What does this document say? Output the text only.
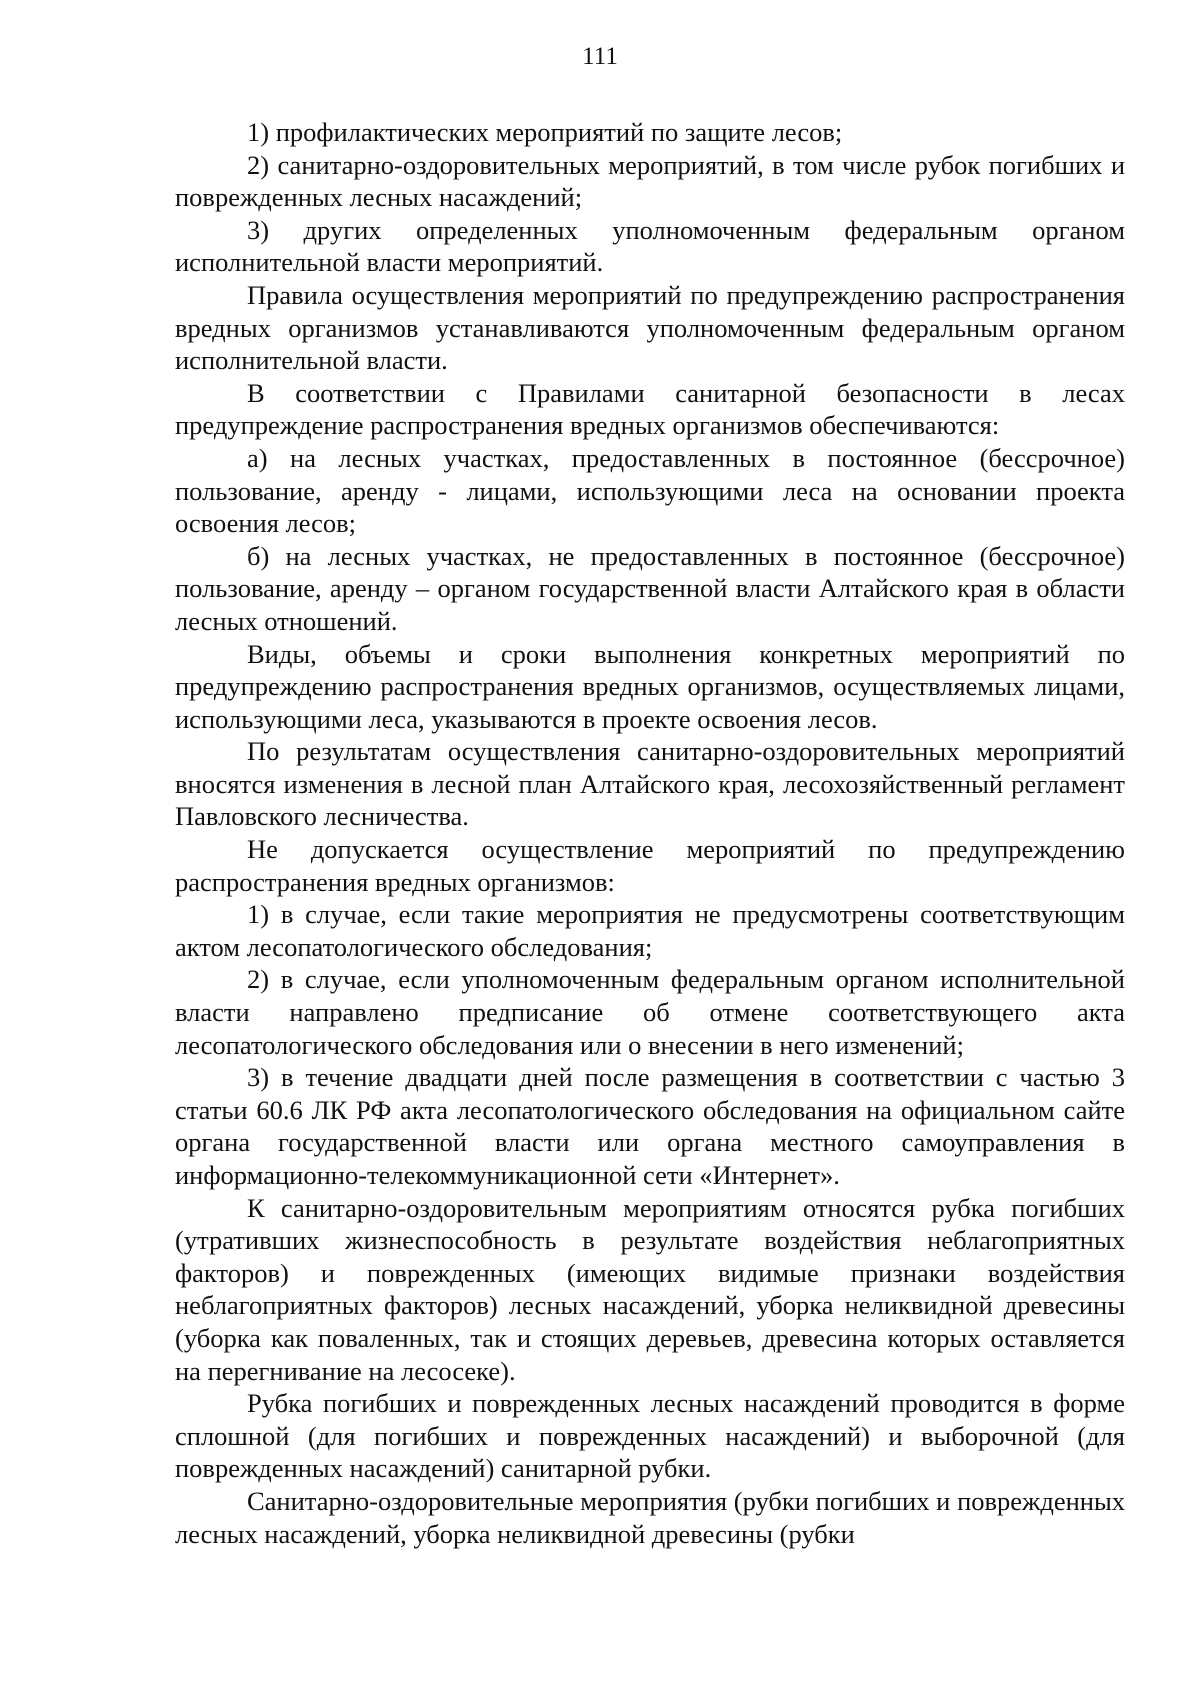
111

1) профилактических мероприятий по защите лесов;

2) санитарно-оздоровительных мероприятий, в том числе рубок погибших и поврежденных лесных насаждений;

3) других определенных уполномоченным федеральным органом исполнительной власти мероприятий.

Правила осуществления мероприятий по предупреждению распространения вредных организмов устанавливаются уполномоченным федеральным органом исполнительной власти.

В соответствии с Правилами санитарной безопасности в лесах предупреждение распространения вредных организмов обеспечиваются:

а) на лесных участках, предоставленных в постоянное (бессрочное) пользование, аренду - лицами, использующими леса на основании проекта освоения лесов;

б) на лесных участках, не предоставленных в постоянное (бессрочное) пользование, аренду – органом государственной власти Алтайского края в области лесных отношений.

Виды, объемы и сроки выполнения конкретных мероприятий по предупреждению распространения вредных организмов, осуществляемых лицами, использующими леса, указываются в проекте освоения лесов.

По результатам осуществления санитарно-оздоровительных мероприятий вносятся изменения в лесной план Алтайского края, лесохозяйственный регламент Павловского лесничества.

Не допускается осуществление мероприятий по предупреждению распространения вредных организмов:

1) в случае, если такие мероприятия не предусмотрены соответствующим актом лесопатологического обследования;

2) в случае, если уполномоченным федеральным органом исполнительной власти направлено предписание об отмене соответствующего акта лесопатологического обследования или о внесении в него изменений;

3) в течение двадцати дней после размещения в соответствии с частью 3 статьи 60.6 ЛК РФ акта лесопатологического обследования на официальном сайте органа государственной власти или органа местного самоуправления в информационно-телекоммуникационной сети «Интернет».

К санитарно-оздоровительным мероприятиям относятся рубка погибших (утративших жизнеспособность в результате воздействия неблагоприятных факторов) и поврежденных (имеющих видимые признаки воздействия неблагоприятных факторов) лесных насаждений, уборка неликвидной древесины (уборка как поваленных, так и стоящих деревьев, древесина которых оставляется на перегнивание на лесосеке).

Рубка погибших и поврежденных лесных насаждений проводится в форме сплошной (для погибших и поврежденных насаждений) и выборочной (для поврежденных насаждений) санитарной рубки.

Санитарно-оздоровительные мероприятия (рубки погибших и поврежденных лесных насаждений, уборка неликвидной древесины (рубки
